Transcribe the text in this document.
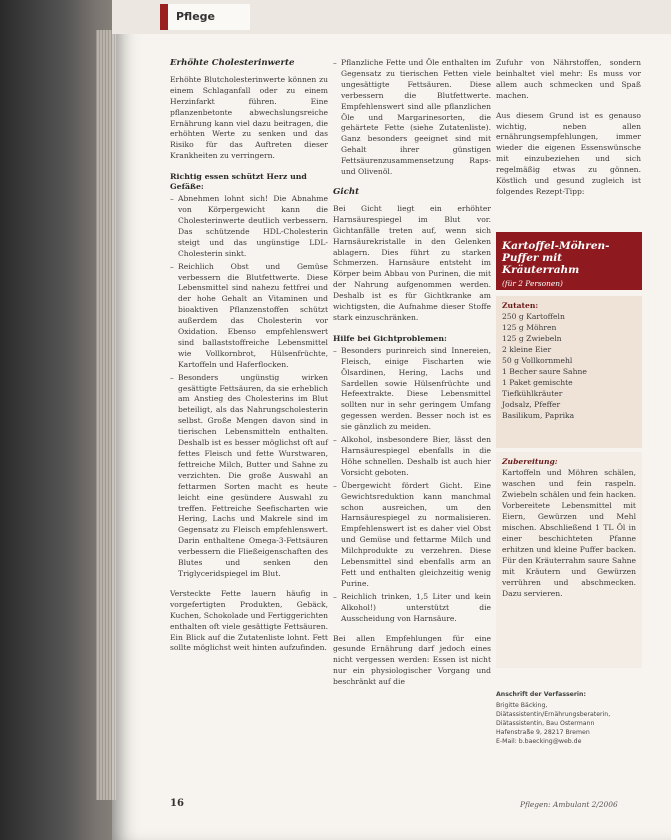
Pflege
Erhöhte Cholesterinwerte

Erhöhte Blutcholesterinwerte können zu einem Schlaganfall oder zu einem Herzinfarkt führen. Eine pflanzenbetonte abwechslungsreiche Ernährung kann viel dazu beitragen, die erhöhten Werte zu senken und das Risiko für das Auftreten dieser Krankheiten zu verringern.

Richtig essen schützt Herz und Gefäße:
– Abnehmen lohnt sich! Die Abnahme von Körpergewicht kann die Cholesterinwerte deutlich verbessern. Das schützende HDL-Cholesterin steigt und das ungünstige LDL-Cholesterin sinkt.
– Reichlich Obst und Gemüse verbessern die Blutfettwerte. Diese Lebensmittel sind nahezu fettfrei und der hohe Gehalt an Vitaminen und bioaktiven Pflanzenstoffen schützt außerdem das Cholesterin vor Oxidation. Ebenso empfehlenswert sind ballaststoffreiche Lebensmittel wie Vollkornbrot, Hülsenfrüchte, Kartoffeln und Haferflocken.
– Besonders ungünstig wirken gesättigte Fettsäuren, da sie erheblich am Anstieg des Cholesterins im Blut beteiligt, als das Nahrungscholesterin selbst. Große Mengen davon sind in tierischen Lebensmitteln enthalten. Deshalb ist es besser möglichst oft auf fettes Fleisch und fette Wurstwaren, fettreiche Milch, Butter und Sahne zu verzichten. Die große Auswahl an fettarmen Sorten macht es heute leicht eine gesündere Auswahl zu treffen. Fettreiche Seefischarten wie Hering, Lachs und Makrele sind im Gegensatz zu Fleisch empfehlenswert. Darin enthaltene Omega-3-Fettsäuren verbessern die Fließeigenschaften des Blutes und senken den Triglyceridspiegel im Blut.

Versteckte Fette lauern häufig in vorgefertigten Produkten, Gebäck, Kuchen, Schokolade und Fertiggerichten enthalten oft viele gesättigte Fettsäuren. Ein Blick auf die Zutatenliste lohnt. Fett sollte möglichst weit hinten aufzufinden.

– Pflanzliche Fette und Öle enthalten im Gegensatz zu tierischen Fetten viele ungesättigte Fettsäuren. Diese verbessern die Blutfettwerte. Empfehlenswert sind alle pflanzlichen Öle und Margarinesorten, die gehärtete Fette (siehe Zutatenliste). Ganz besonders geeignet sind mit Gehalt ihrer günstigen Fettsäurenzusammensetzung Raps- und Olivenöl.
Gicht

Bei Gicht liegt ein erhöhter Harnsäurespiegel im Blut vor. Gichtanfälle treten auf, wenn sich Harnsäurekristalle in den Gelenken ablagern. Dies führt zu starken Schmerzen. Harnsäure entsteht im Körper beim Abbau von Purinen, die mit der Nahrung aufgenommen werden. Deshalb ist es für Gichtkranke am wichtigsten, die Aufnahme dieser Stoffe stark einzuschränken.

Hilfe bei Gichtproblemen:
– Besonders purinreich sind Innereien, Fleisch, einige Fischarten wie Ölsardinen, Hering, Lachs und Sardellen sowie Hülsenfrüchte und Hefeextrakte. Diese Lebensmittel sollten nur in sehr geringem Umfang gegessen werden. Besser noch ist es sie gänzlich zu meiden.
– Alkohol, insbesondere Bier, lässt den Harnsäurespiegel ebenfalls in die Höhe schnellen. Deshalb ist auch hier Vorsicht geboten.
– Übergewicht fördert Gicht. Eine Gewichtsreduktion kann manchmal schon ausreichen, um den Harnsäurespiegel zu normalisieren. Empfehlenswert ist es daher viel Obst und Gemüse und fettarme Milch und Milchprodukte zu verzehren. Diese Lebensmittel sind ebenfalls arm an Fett und enthalten gleichzeitig wenig Purine.
– Reichlich trinken, 1,5 Liter und kein Alkohol!) unterstützt die Ausscheidung von Harnsäure.

Bei allen Empfehlungen für eine gesunde Ernährung darf jedoch eines nicht vergessen werden: Essen ist nicht nur ein physiologischer Vorgang und beschränkt auf die

Zufuhr von Nährstoffen, sondern beinhaltet viel mehr: Es muss vor allem auch schmecken und Spaß machen.

Aus diesem Grund ist es genauso wichtig, neben allen ernährungsempfehlungen, immer wieder die eigenen Essenswünsche mit einzubeziehen und sich regelmäßig etwas zu gönnen. Köstlich und gesund zugleich ist folgendes Rezept-Tipp:

Kartoffel-Möhren-Puffer mit Kräuterrahm
(für 2 Personen)
Zutaten:
250 g Kartoffeln
125 g Möhren
125 g Zwiebeln
2 kleine Eier
50 g Vollkornmehl
1 Becher saure Sahne
1 Paket gemischte
Tiefkühlkräuter
Jodsalz, Pfeffer
Basilikum, Paprika
Zubereitung:
Kartoffeln und Möhren schälen, waschen und fein raspeln. Zwiebeln schälen und fein hacken. Vorbereitete Lebensmittel mit Eiern, Gewürzen und Mehl mischen. Abschließend 1 TL Öl in einer beschichteten Pfanne erhitzen und kleine Puffer backen. Für den Kräuterrahm saure Sahne mit Kräutern und Gewürzen verrühren und abschmecken. Dazu servieren.
Anschrift der Verfasserin:
Brigitte Bäcking, Diätassistentin/Ernährungsberaterin,
Diätassistentin, Bau Ostermann
Hafenstraße 9, 28217 Bremen
E-Mail: b.baecking@web.de
16	Pflegen: Ambulant 2/2006
